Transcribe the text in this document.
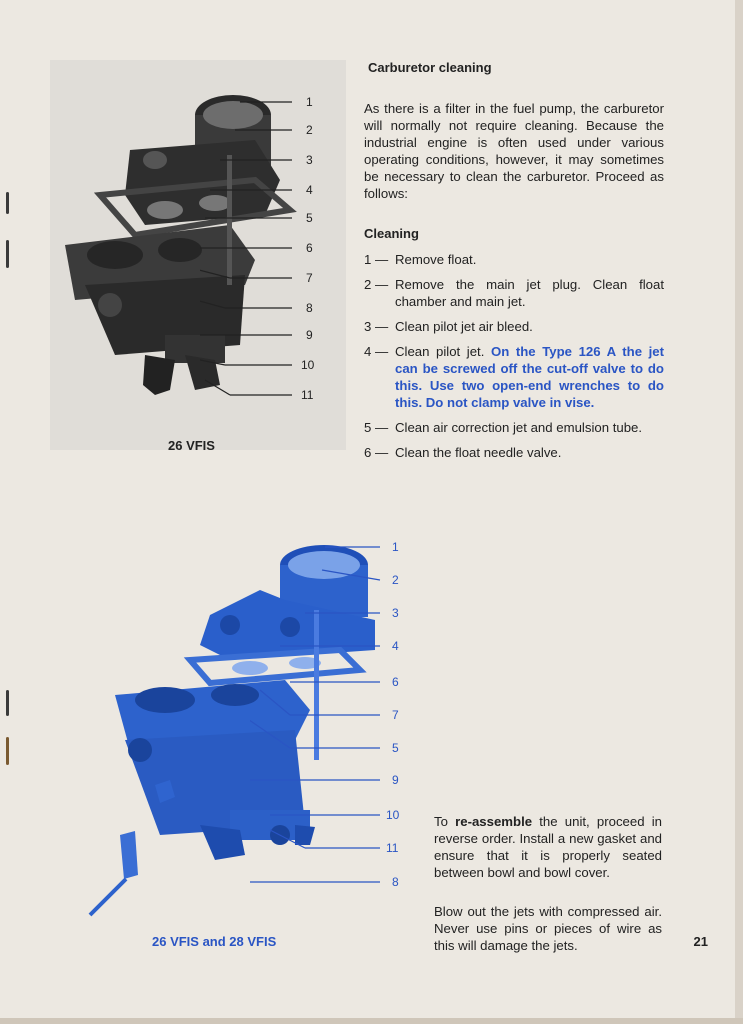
1
2
3
4
5
6
7
8
9
10
11
26 VFIS
Carburetor cleaning
As there is a filter in the fuel pump, the carburetor will normally not require cleaning. Because the industrial engine is often used under various operating conditions, however, it may sometimes be necessary to clean the carburetor. Proceed as follows:
Cleaning
1 — Remove float.
2 — Remove the main jet plug. Clean float chamber and main jet.
3 — Clean pilot jet air bleed.
4 — Clean pilot jet. On the Type 126 A the jet can be screwed off the cut-off valve to do this. Use two open-end wrenches to do this. Do not clamp valve in vise.
5 — Clean air correction jet and emulsion tube.
6 — Clean the float needle valve.
1
2
3
4
6
7
5
9
10
11
8
26 VFIS and 28 VFIS
To re-assemble the unit, proceed in reverse order. Install a new gasket and ensure that it is properly seated between bowl and bowl cover.
Blow out the jets with compressed air. Never use pins or pieces of wire as this will damage the jets.	21
